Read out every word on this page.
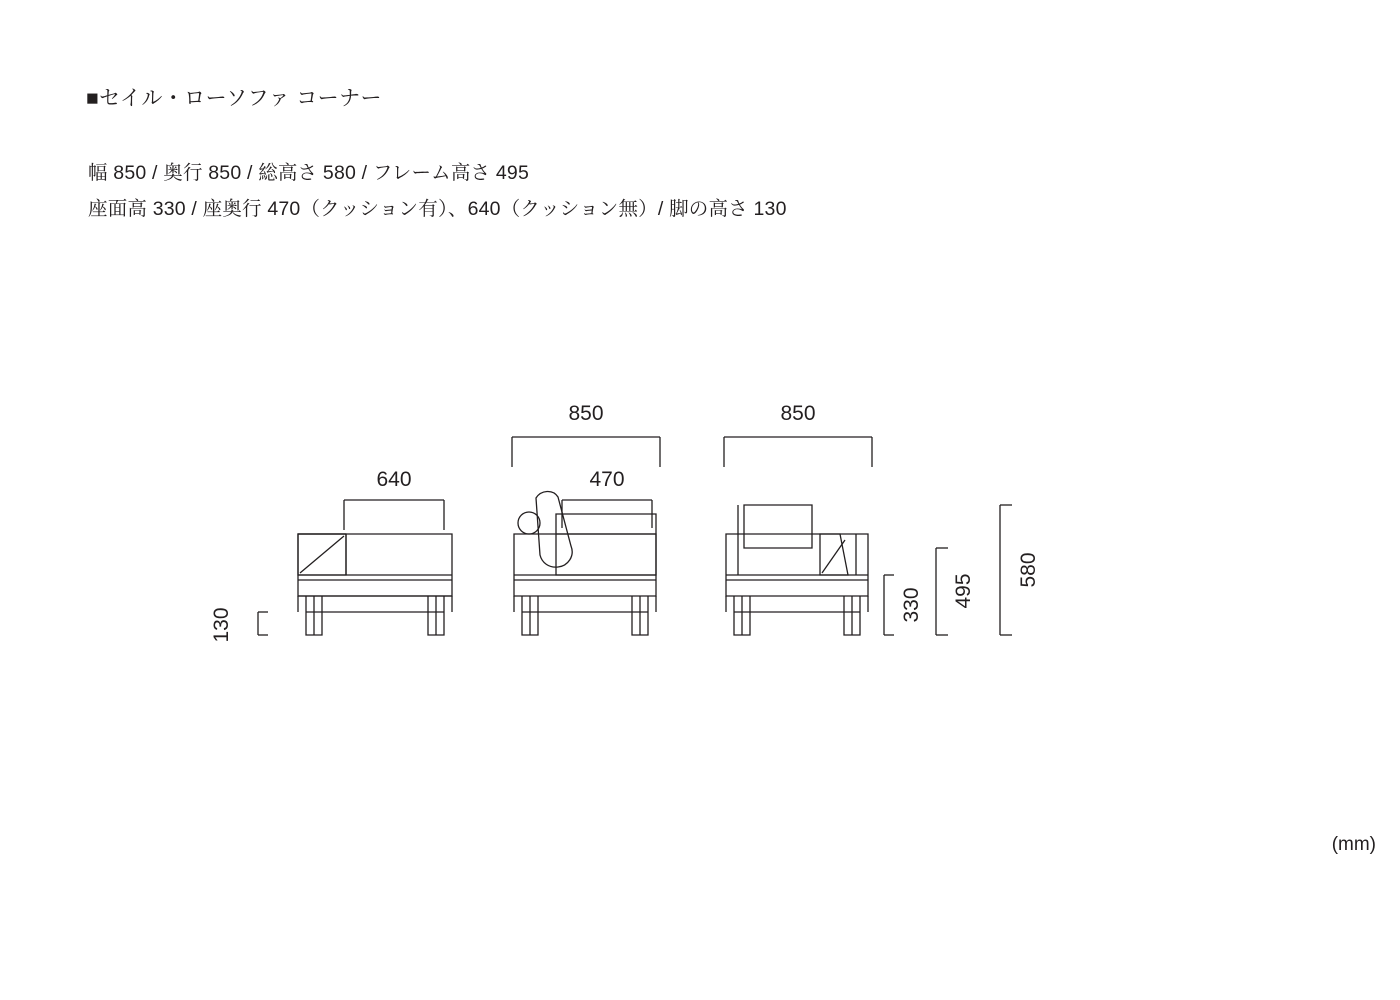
■セイル・ローソファ コーナー
幅 850 / 奥行 850 / 総高さ 580 / フレーム高さ 495
座面高 330 / 座奥行 470（クッション有）、640（クッション無）/ 脚の高さ 130
(mm)
640
130
850
470
850
330 495
580
